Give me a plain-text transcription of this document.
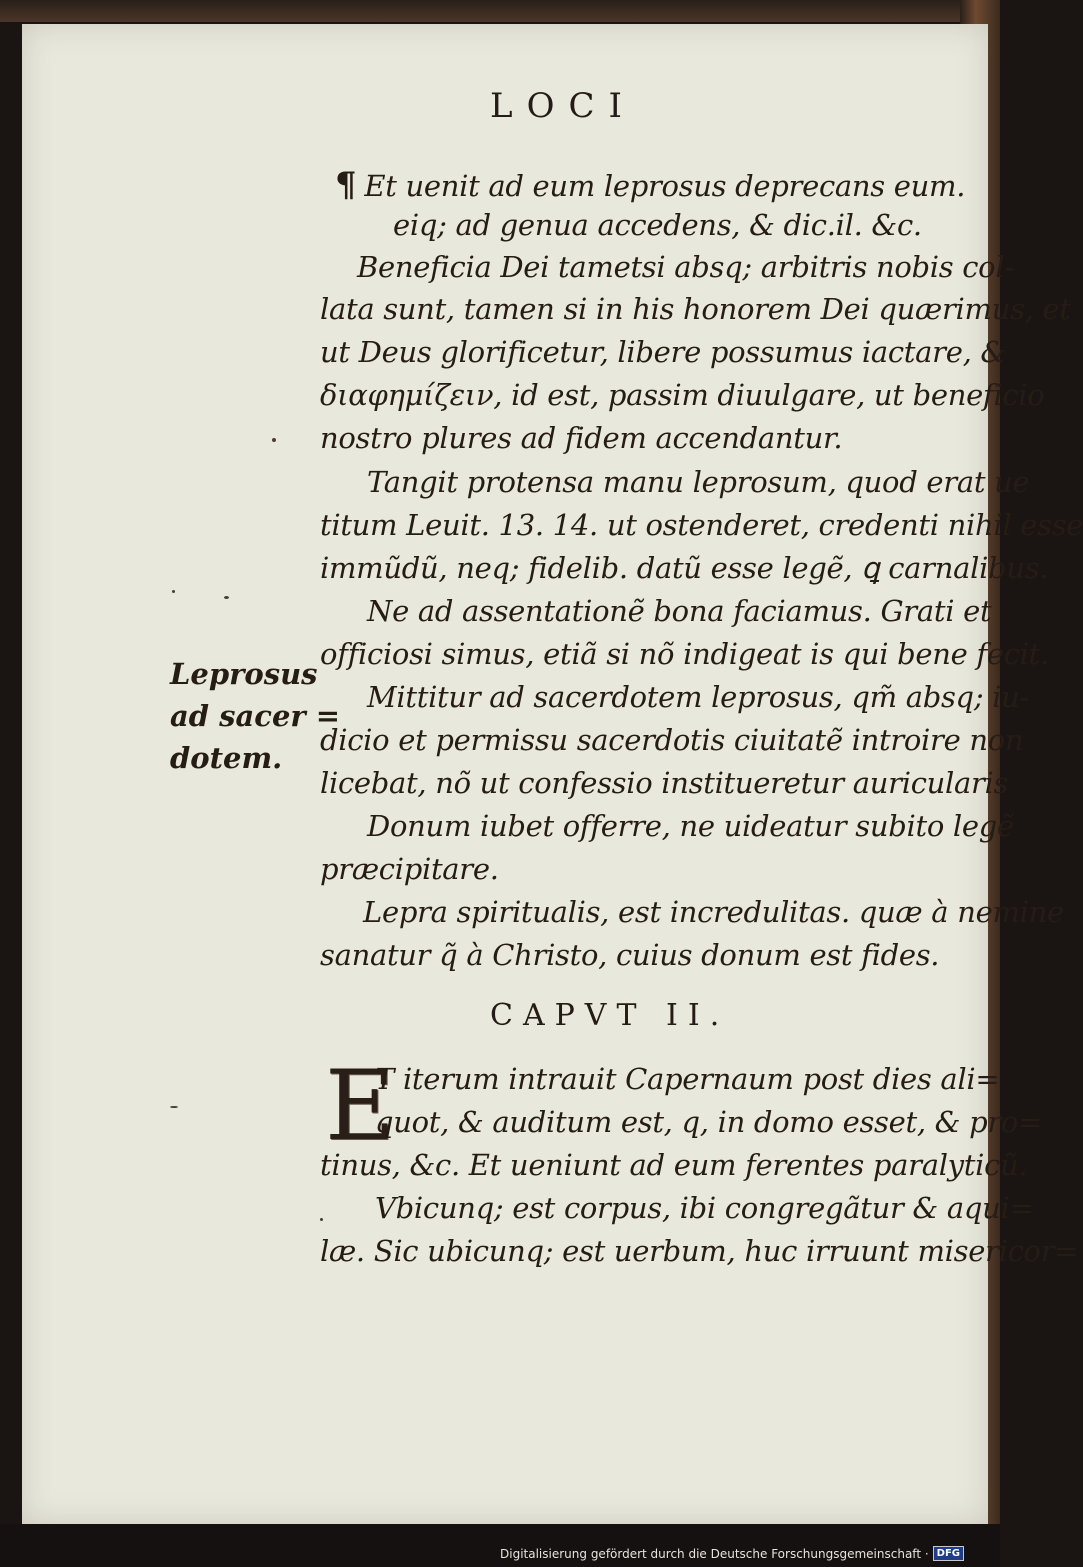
LOCI
¶ Et uenit ad eum leprosus deprecans eum.
eiq; ad genua accedens, & dic.il. &c.
Beneficia Dei tametsi absq; arbitris nobis col-
lata sunt, tamen si in his honorem Dei quærimus, et
ut Deus glorificetur, libere possumus iactare, &
διαφημίζειν, id est, passim diuulgare, ut beneficio
nostro plures ad fidem accendantur.
Tangit protensa manu leprosum, quod erat ue
titum Leuit. 13. 14. ut ostenderet, credenti nihil esse
immũdũ, neq; fidelib. datũ esse legẽ, ꝗ carnalibus.
Ne ad assentationẽ bona faciamus. Grati et
officiosi simus, etiã si nõ indigeat is qui bene fecit.
Mittitur ad sacerdotem leprosus, qm̃ absq; iu-
dicio et permissu sacerdotis ciuitatẽ introire non
licebat, nõ ut confessio institueretur auricularis
Donum iubet offerre, ne uideatur subito legẽ
præcipitare.
Lepra spiritualis, est incredulitas. quæ à nemine
sanatur q̃ à Christo, cuius donum est fides.
Leprosus
ad sacer =
dotem.
CAPVT II.
E
T iterum intrauit Capernaum post dies ali=
quot, & auditum est, q, in domo esset, & pro=
tinus, &c. Et ueniunt ad eum ferentes paralyticũ.
Vbicunq; est corpus, ibi congregãtur & aqui=
læ. Sic ubicunq; est uerbum, huc irruunt misericor=
Digitalisierung gefördert durch die Deutsche Forschungsgemeinschaft · DFG
